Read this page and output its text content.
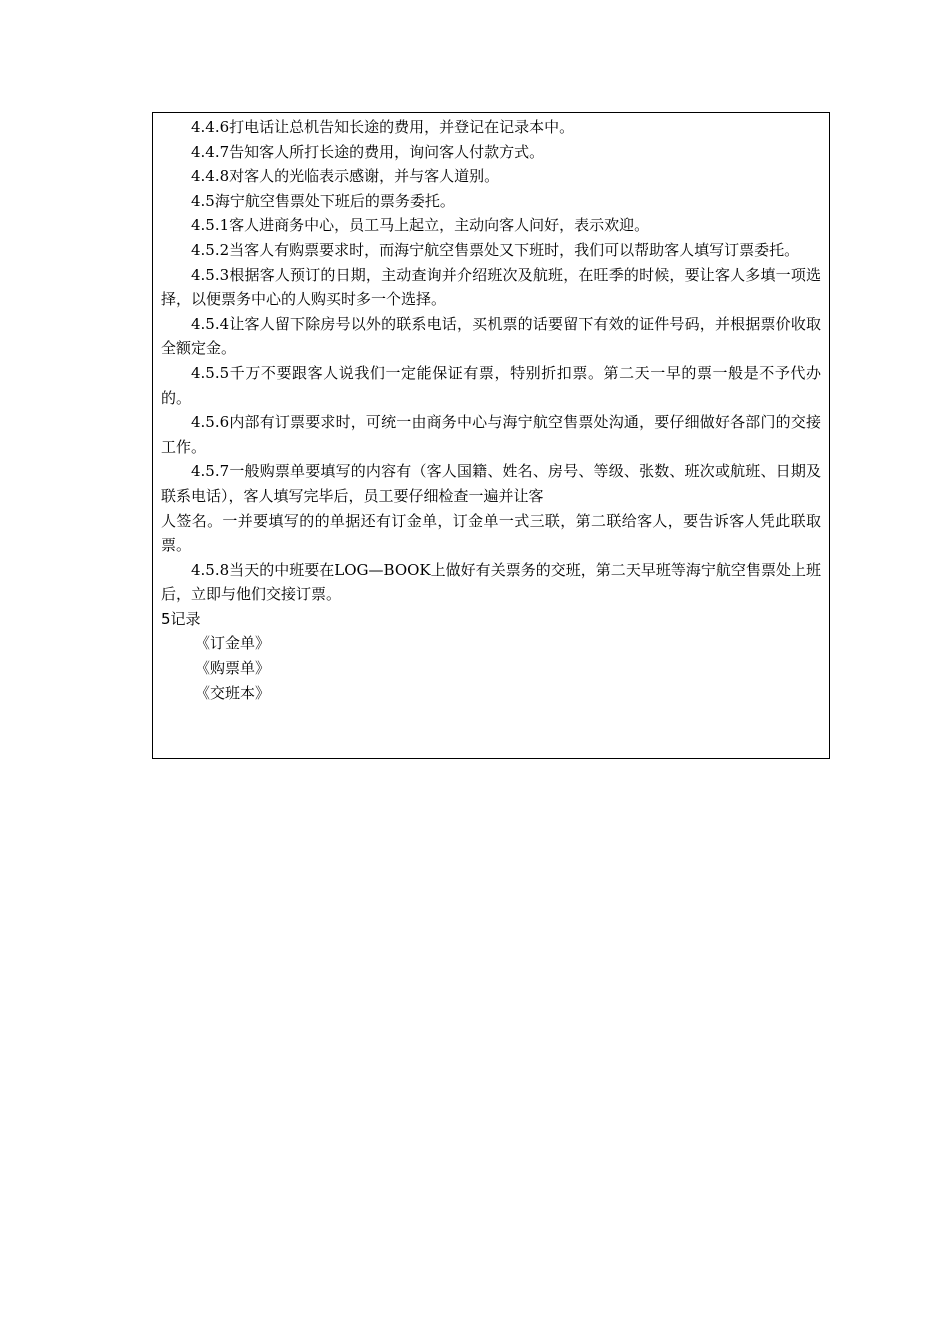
4.4.6打电话让总机告知长途的费用，并登记在记录本中。

4.4.7告知客人所打长途的费用，询问客人付款方式。

4.4.8对客人的光临表示感谢，并与客人道别。

4.5海宁航空售票处下班后的票务委托。

4.5.1客人进商务中心，员工马上起立，主动向客人问好，表示欢迎。

4.5.2当客人有购票要求时，而海宁航空售票处又下班时，我们可以帮助客人填写订票委托。

4.5.3根据客人预订的日期，主动查询并介绍班次及航班，在旺季的时候，要让客人多填一项选择，以便票务中心的人购买时多一个选择。

4.5.4让客人留下除房号以外的联系电话，买机票的话要留下有效的证件号码，并根据票价收取全额定金。

4.5.5千万不要跟客人说我们一定能保证有票，特别折扣票。第二天一早的票一般是不予代办的。

4.5.6内部有订票要求时，可统一由商务中心与海宁航空售票处沟通，要仔细做好各部门的交接工作。

4.5.7一般购票单要填写的内容有（客人国籍、姓名、房号、等级、张数、班次或航班、日期及联系电话），客人填写完毕后，员工要仔细检查一遍并让客

人签名。一并要填写的的单据还有订金单，订金单一式三联，第二联给客人，要告诉客人凭此联取票。

4.5.8当天的中班要在LOG—BOOK上做好有关票务的交班，第二天早班等海宁航空售票处上班后，立即与他们交接订票。

5记录

《订金单》

《购票单》

《交班本》
